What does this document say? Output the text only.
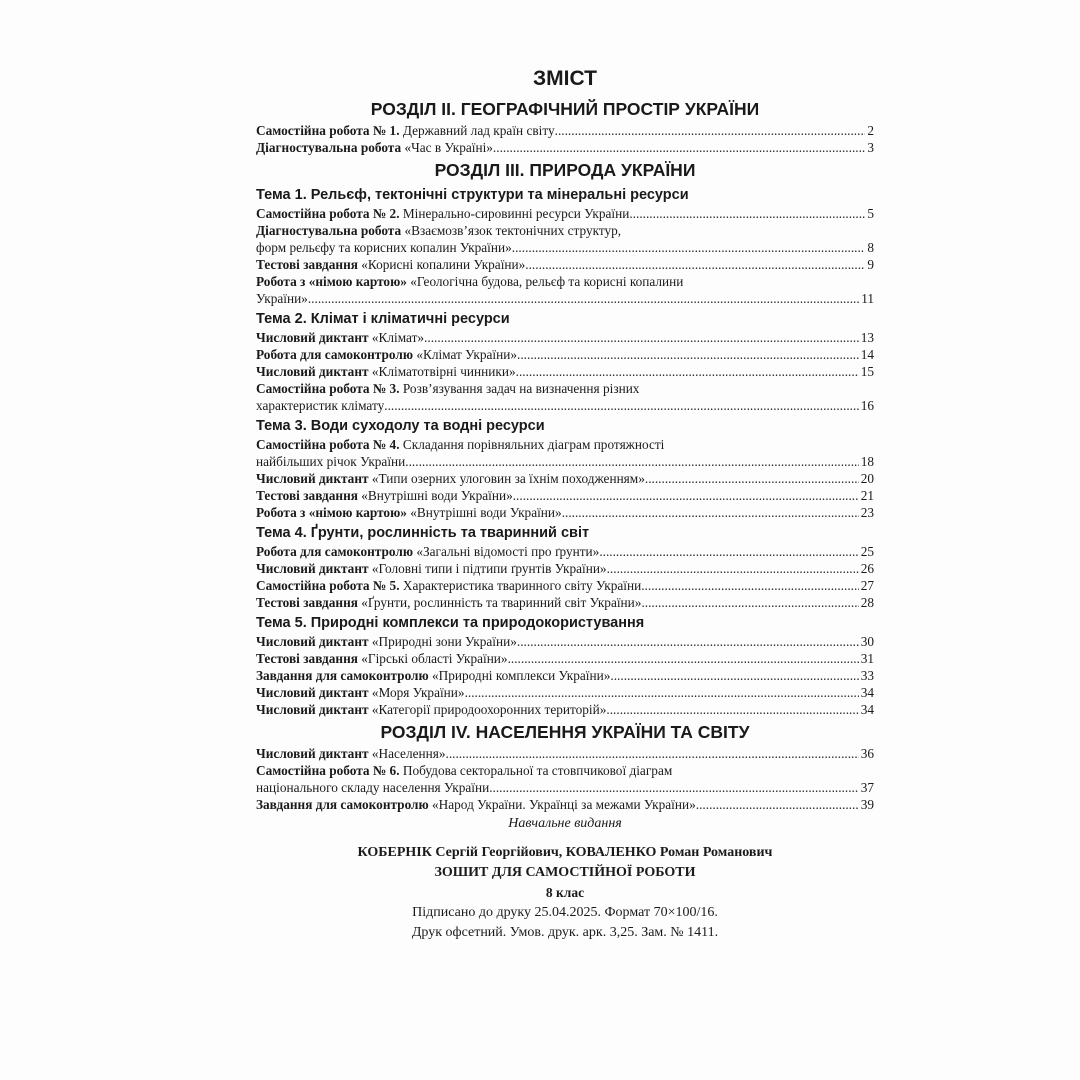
ЗМІСТ
РОЗДІЛ ІІ. ГЕОГРАФІЧНИЙ ПРОСТІР УКРАЇНИ
Самостійна робота № 1. Державний лад країн світу .....	2
Діагностувальна робота «Час в Україні» .....	3
РОЗДІЛ ІІІ. ПРИРОДА УКРАЇНИ
Тема 1. Рельєф, тектонічні структури та мінеральні ресурси
Самостійна робота № 2. Мінерально-сировинні ресурси України .....	5
Діагностувальна робота «Взаємозв’язок тектонічних структур,
форм рельєфу та корисних копалин України» .....	8
Тестові завдання «Корисні копалини України» .....	9
Робота з «німою картою» «Геологічна будова, рельєф та корисні копалини
України» .....	11
Тема 2. Клімат і кліматичні ресурси
Числовий диктант «Клімат» .....	13
Робота для самоконтролю «Клімат України» .....	14
Числовий диктант «Кліматотвірні чинники» .....	15
Самостійна робота № 3. Розв’язування задач на визначення різних
характеристик клімату .....	16
Тема 3. Води суходолу та водні ресурси
Самостійна робота № 4. Складання порівняльних діаграм протяжності
найбільших річок України .....	18
Числовий диктант «Типи озерних улоговин за їхнім походженням» .....	20
Тестові завдання «Внутрішні води України» .....	21
Робота з «німою картою» «Внутрішні води України» .....	23
Тема 4. Ґрунти, рослинність та тваринний світ
Робота для самоконтролю «Загальні відомості про ґрунти» .....	25
Числовий диктант «Головні типи і підтипи ґрунтів України» .....	26
Самостійна робота № 5. Характеристика тваринного світу України .....	27
Тестові завдання «Ґрунти, рослинність та тваринний світ України» .....	28
Тема 5. Природні комплекси та природокористування
Числовий диктант «Природні зони України» .....	30
Тестові завдання «Гірські області України» .....	31
Завдання для самоконтролю «Природні комплекси України» .....	33
Числовий диктант «Моря України» .....	34
Числовий диктант «Категорії природоохоронних територій» .....	34
РОЗДІЛ IV. НАСЕЛЕННЯ УКРАЇНИ ТА СВІТУ
Числовий диктант «Населення» .....	36
Самостійна робота № 6. Побудова секторальної та стовпчикової діаграм
національного складу населення України .....	37
Завдання для самоконтролю «Народ України. Українці за межами України» .....	39
Навчальне видання
КОБЕРНІК Сергій Георгійович, КОВАЛЕНКО Роман Романович
ЗОШИТ ДЛЯ САМОСТІЙНОЇ РОБОТИ
8 клас
Підписано до друку 25.04.2025. Формат 70×100/16.
Друк офсетний. Умов. друк. арк. 3,25. Зам. № 1411.
